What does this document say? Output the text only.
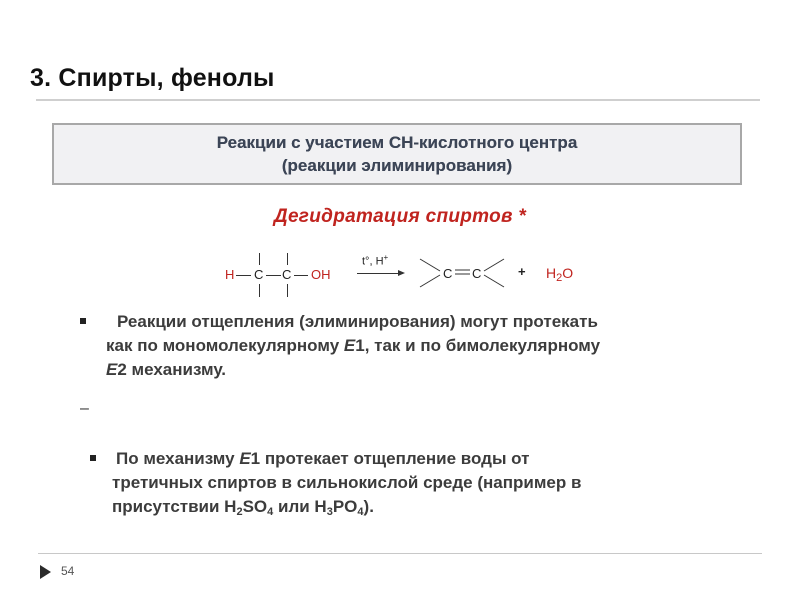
3. Спирты, фенолы
Реакции с участием СН-кислотного центра
(реакции элиминирования)
Дегидратация спиртов *
H C C OH
t°, H+
C C	+ $H_2O$
Реакции отщепления (элиминирования) могут протекать
как по мономолекулярному Е1, так и по бимолекулярному
Е2 механизму.
–
По механизму Е1 протекает отщепление воды от
третичных спиртов в сильнокислой среде (например в
присутствии $H_2SO_4$ или $H_3PO_4$).
54
